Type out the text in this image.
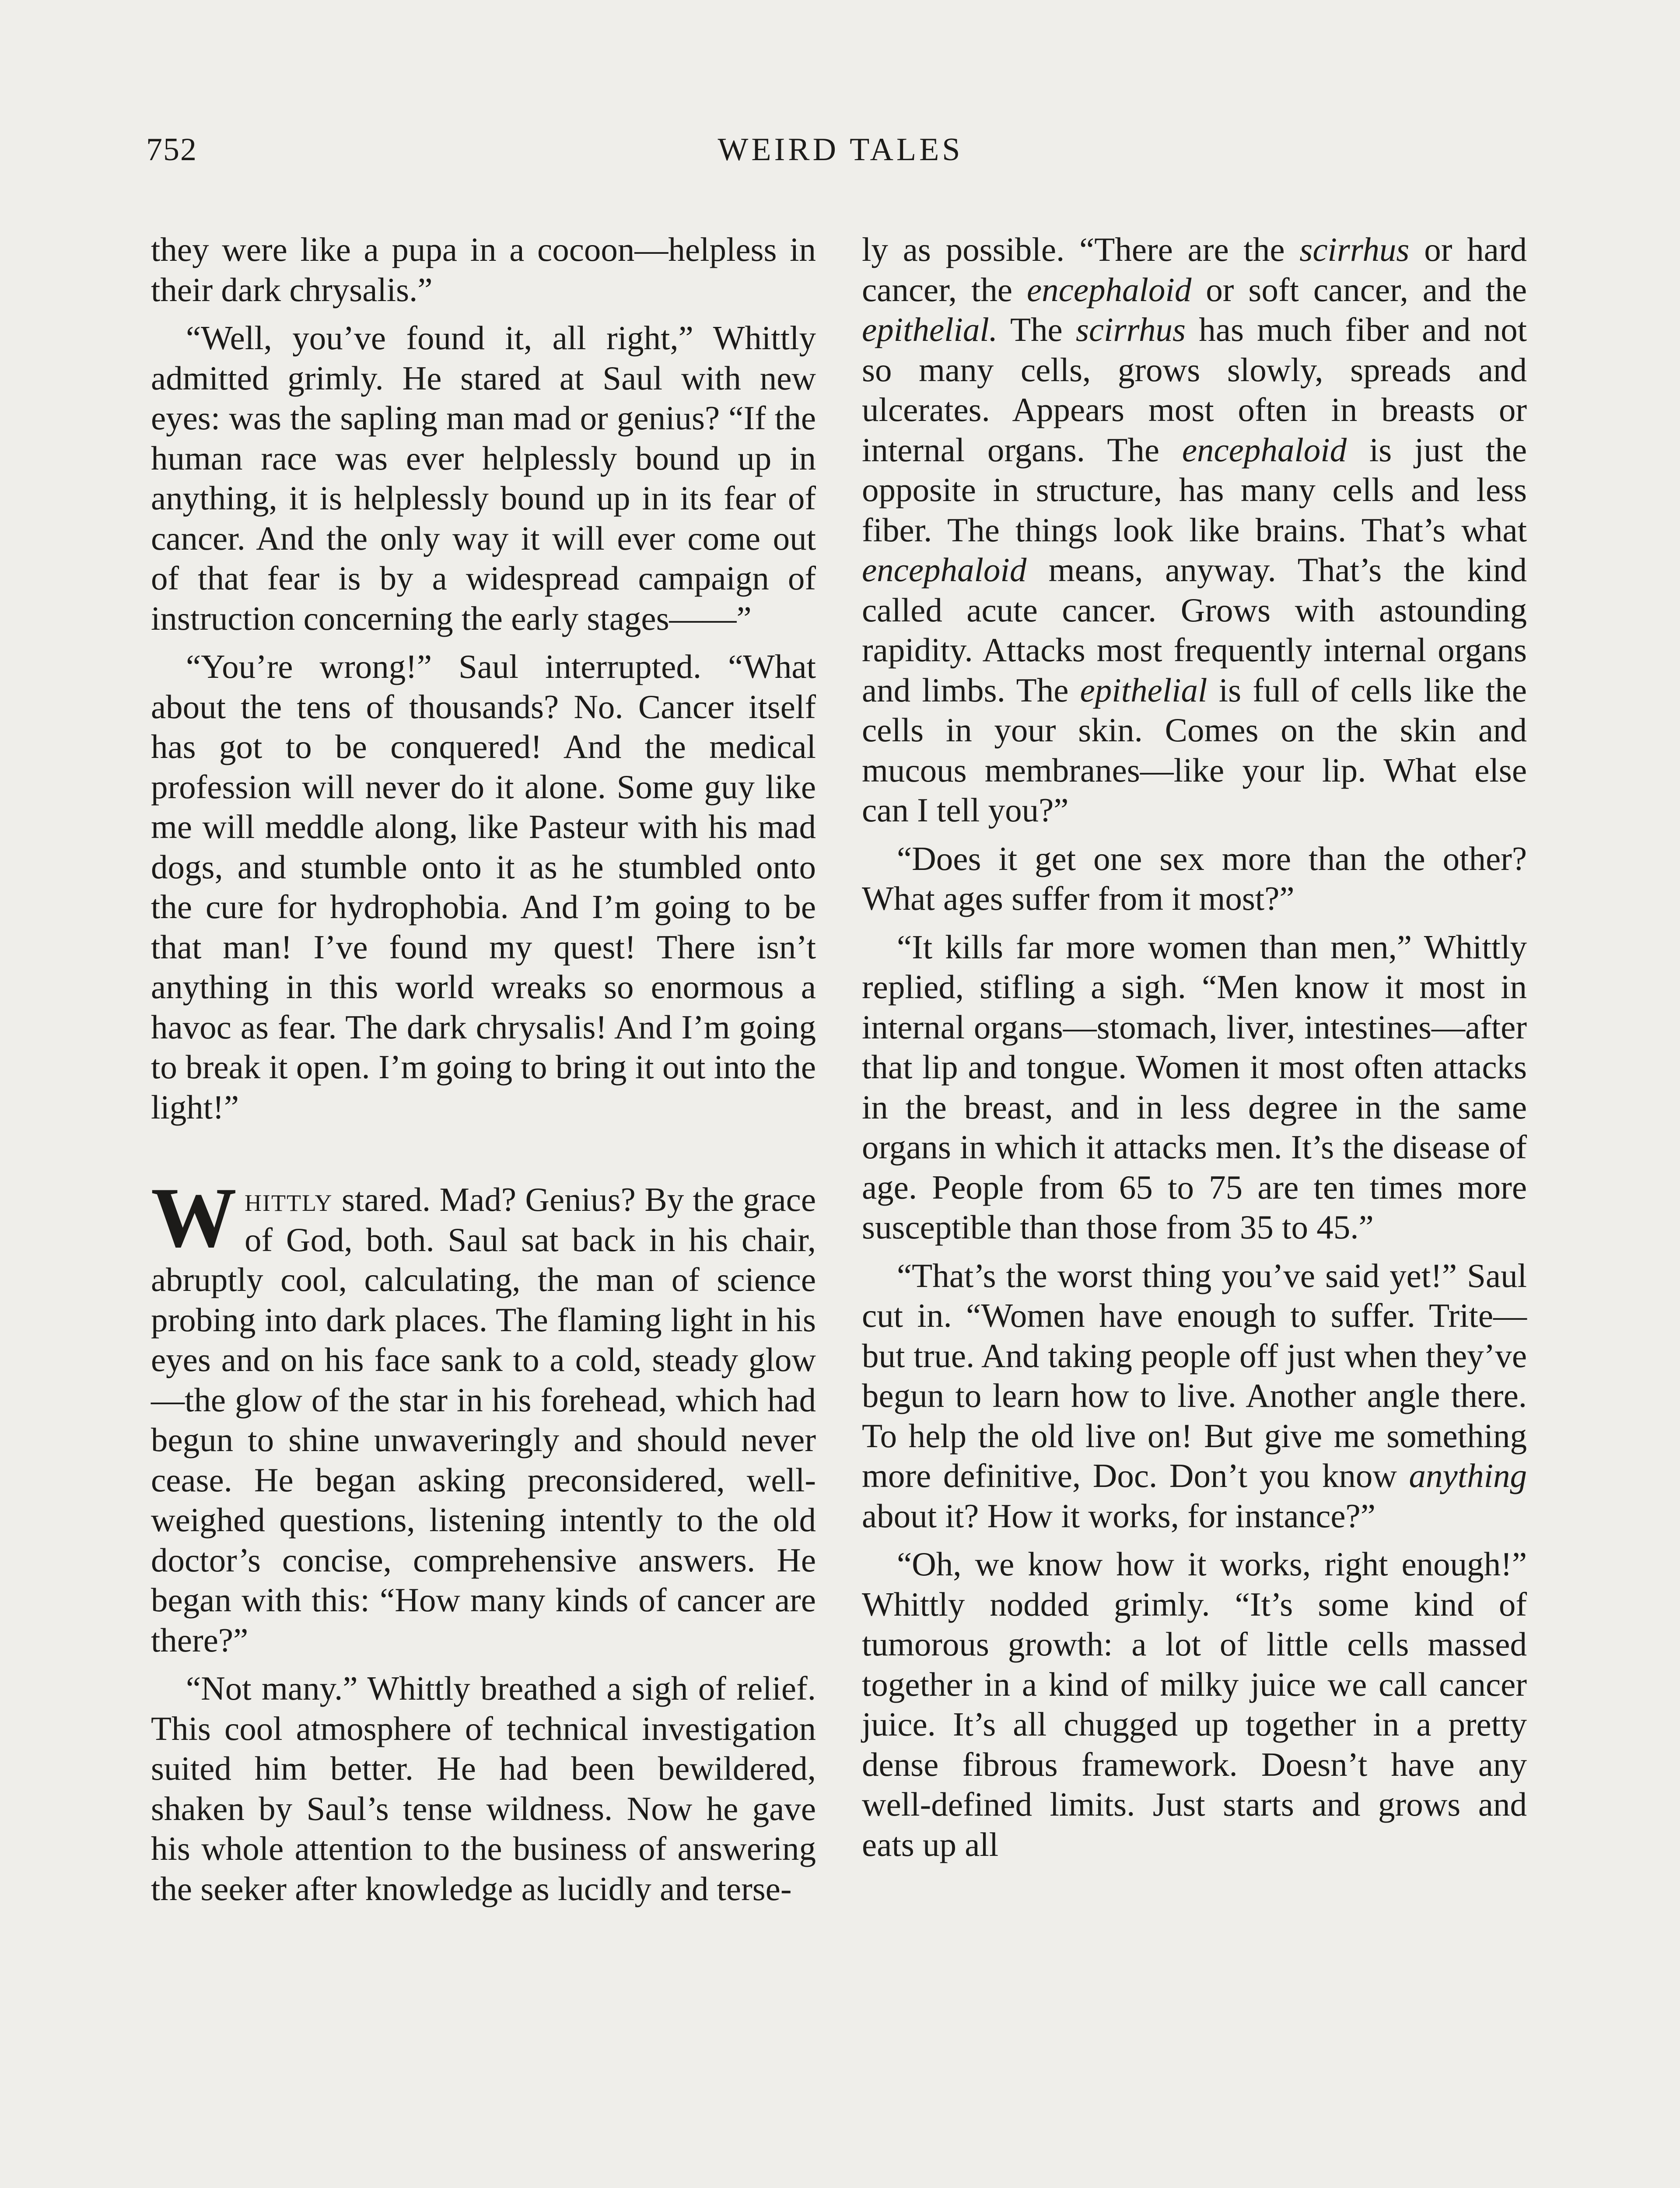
752	WEIRD TALES

they were like a pupa in a cocoon—helpless in their dark chrysalis.”

“Well, you’ve found it, all right,” Whittly admitted grimly. He stared at Saul with new eyes: was the sapling man mad or genius? “If the human race was ever helplessly bound up in anything, it is helplessly bound up in its fear of cancer. And the only way it will ever come out of that fear is by a widespread campaign of instruction concerning the early stages——”

“You’re wrong!” Saul interrupted. “What about the tens of thousands? No. Cancer itself has got to be conquered! And the medical profession will never do it alone. Some guy like me will meddle along, like Pasteur with his mad dogs, and stumble onto it as he stumbled onto the cure for hydrophobia. And I’m going to be that man! I’ve found my quest! There isn’t anything in this world wreaks so enormous a havoc as fear. The dark chrysalis! And I’m going to break it open. I’m going to bring it out into the light!”

Whittly stared. Mad? Genius? By the grace of God, both. Saul sat back in his chair, abruptly cool, calculating, the man of science probing into dark places. The flaming light in his eyes and on his face sank to a cold, steady glow—the glow of the star in his forehead, which had begun to shine unwaveringly and should never cease. He began asking preconsidered, well-weighed questions, listening intently to the old doctor’s concise, comprehensive answers. He began with this: “How many kinds of cancer are there?”

“Not many.” Whittly breathed a sigh of relief. This cool atmosphere of technical investigation suited him better. He had been bewildered, shaken by Saul’s tense wildness. Now he gave his whole attention to the business of answering the seeker after knowledge as lucidly and terse-

ly as possible. “There are the scirrhus or hard cancer, the encephaloid or soft cancer, and the epithelial. The scirrhus has much fiber and not so many cells, grows slowly, spreads and ulcerates. Appears most often in breasts or internal organs. The encephaloid is just the opposite in structure, has many cells and less fiber. The things look like brains. That’s what encephaloid means, anyway. That’s the kind called acute cancer. Grows with astounding rapidity. Attacks most frequently internal organs and limbs. The epithelial is full of cells like the cells in your skin. Comes on the skin and mucous membranes—like your lip. What else can I tell you?”

“Does it get one sex more than the other? What ages suffer from it most?”

“It kills far more women than men,” Whittly replied, stifling a sigh. “Men know it most in internal organs—stomach, liver, intestines—after that lip and tongue. Women it most often attacks in the breast, and in less degree in the same organs in which it attacks men. It’s the disease of age. People from 65 to 75 are ten times more susceptible than those from 35 to 45.”

“That’s the worst thing you’ve said yet!” Saul cut in. “Women have enough to suffer. Trite—but true. And taking people off just when they’ve begun to learn how to live. Another angle there. To help the old live on! But give me something more definitive, Doc. Don’t you know anything about it? How it works, for instance?”

“Oh, we know how it works, right enough!” Whittly nodded grimly. “It’s some kind of tumorous growth: a lot of little cells massed together in a kind of milky juice we call cancer juice. It’s all chugged up together in a pretty dense fibrous framework. Doesn’t have any well-defined limits. Just starts and grows and eats up all
